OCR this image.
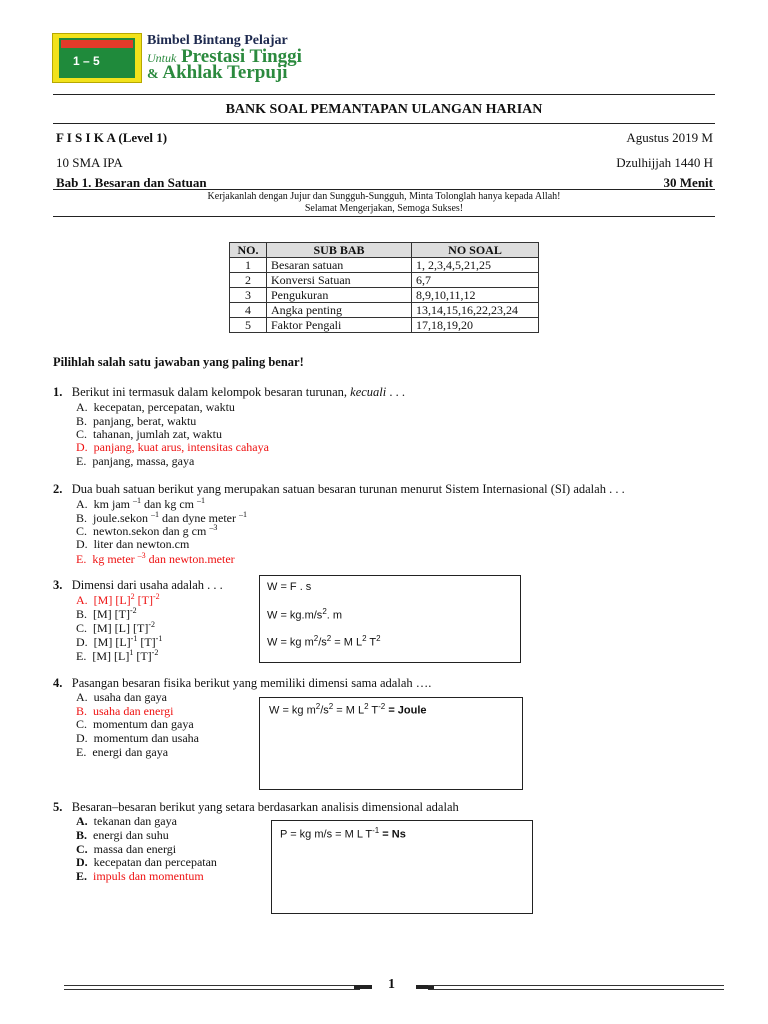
1 – 5
Bimbel Bintang Pelajar
Untuk Prestasi Tinggi
& Akhlak Terpuji
BANK SOAL PEMANTAPAN ULANGAN HARIAN
F I S I K A (Level 1)	Agustus 2019 M
10 SMA IPA	Dzulhijjah 1440 H
Bab 1. Besaran dan Satuan	30 Menit
Kerjakanlah dengan Jujur dan Sungguh-Sungguh, Minta Tolonglah hanya kepada Allah!
Selamat Mengerjakan, Semoga Sukses!
NO.	SUB BAB	NO SOAL
1	Besaran satuan	1, 2,3,4,5,21,25
2	Konversi Satuan	6,7
3	Pengukuran	8,9,10,11,12
4	Angka penting	13,14,15,16,22,23,24
5	Faktor Pengali	17,18,19,20
Pilihlah salah satu jawaban yang paling benar!
1. Berikut ini termasuk dalam kelompok besaran turunan, kecuali . . .
A. kecepatan, percepatan, waktu
B. panjang, berat, waktu
C. tahanan, jumlah zat, waktu
D. panjang, kuat arus, intensitas cahaya
E. panjang, massa, gaya
2. Dua buah satuan berikut yang merupakan satuan besaran turunan menurut Sistem Internasional (SI) adalah . . .
A. km jam $^{-1}$ dan kg cm $^{-1}$
B. joule.sekon $^{-1}$ dan dyne meter $^{-1}$
C. newton.sekon dan g cm $^{-3}$
D. liter dan newton.cm
E. kg meter $^{-3}$ dan newton.meter
3. Dimensi dari usaha adalah . . .
A. [M] $[L]^2$ $[T]^{-2}$
B. [M] $[T]^{-2}$
C. [M] [L] $[T]^{-2}$
D. [M] $[L]^{-1}$ $[T]^{-1}$
E. [M] $[L]^1$ $[T]^{-2}$
W = F . s
$W = kg.m/s^2$. m
W = kg $m^2/s^2 = M$ $L^2$ $T^2$
4. Pasangan besaran fisika berikut yang memiliki dimensi sama adalah ….
A. usaha dan gaya
B. usaha dan energi
C. momentum dan gaya
D. momentum dan usaha
E. energi dan gaya
W = kg $m^2/s^2 = M$ $L^2$ $T^{-2}$ = Joule
5. Besaran–besaran berikut yang setara berdasarkan analisis dimensional adalah
A. tekanan dan gaya
B. energi dan suhu
C. massa dan energi
D. kecepatan dan percepatan
E. impuls dan momentum
P = kg m/s = M L $T^{-1} = Ns$
1
